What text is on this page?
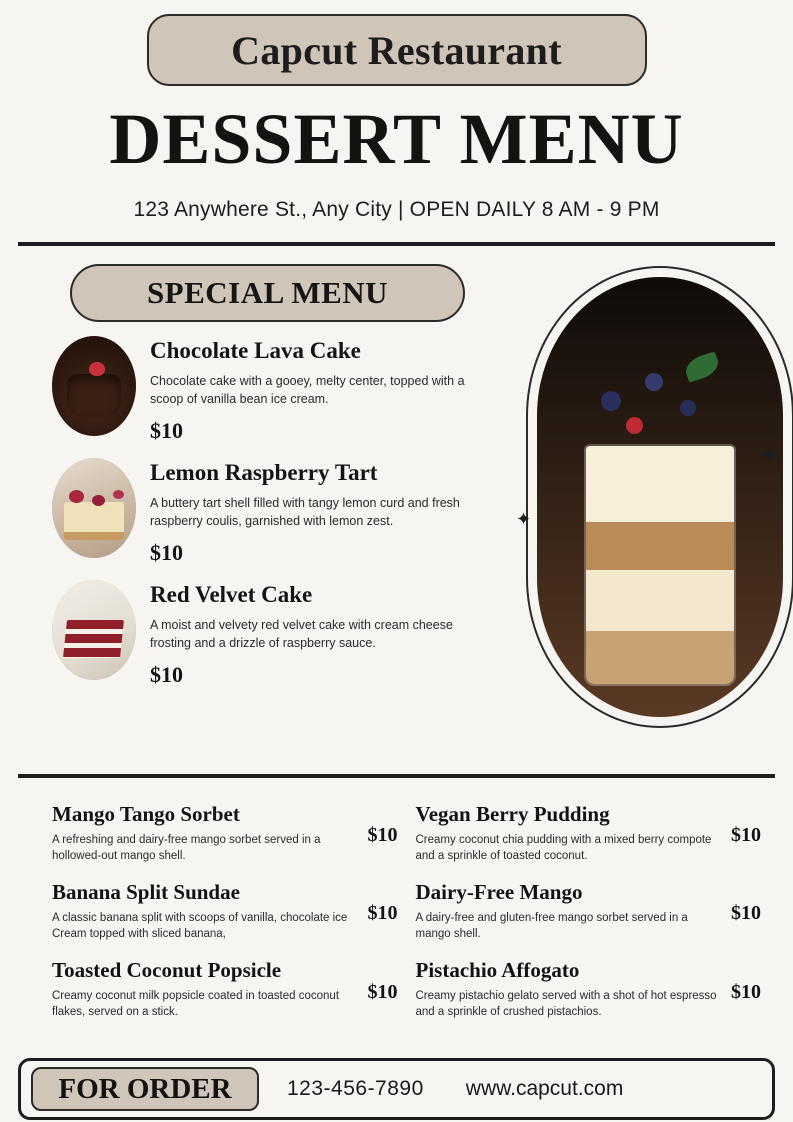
Capcut Restaurant
DESSERT MENU
123 Anywhere St., Any City | OPEN DAILY 8 AM - 9 PM
SPECIAL MENU
Chocolate Lava Cake
Chocolate cake with a gooey, melty center, topped with a scoop of vanilla bean ice cream.
$10
Lemon Raspberry Tart
A buttery tart shell filled with tangy lemon curd and fresh raspberry coulis, garnished with lemon zest.
$10
Red Velvet Cake
A moist and velvety red velvet cake with cream cheese frosting and a drizzle of raspberry sauce.
$10
✦
✦
Mango Tango Sorbet
A refreshing and dairy-free mango sorbet served in a hollowed-out mango shell.
$10
Vegan Berry Pudding
Creamy coconut chia pudding with a mixed berry compote and a sprinkle of toasted coconut.
$10
Banana Split Sundae
A classic banana split with scoops of vanilla, chocolate ice Cream topped with sliced banana,
$10
Dairy-Free Mango
A dairy-free and gluten-free mango sorbet served in a mango shell.
$10
Toasted Coconut Popsicle
Creamy coconut milk popsicle coated in toasted coconut flakes, served on a stick.
$10
Pistachio Affogato
Creamy pistachio gelato served with a shot of hot espresso and a sprinkle of crushed pistachios.
$10
FOR ORDER	123-456-7890 www.capcut.com
